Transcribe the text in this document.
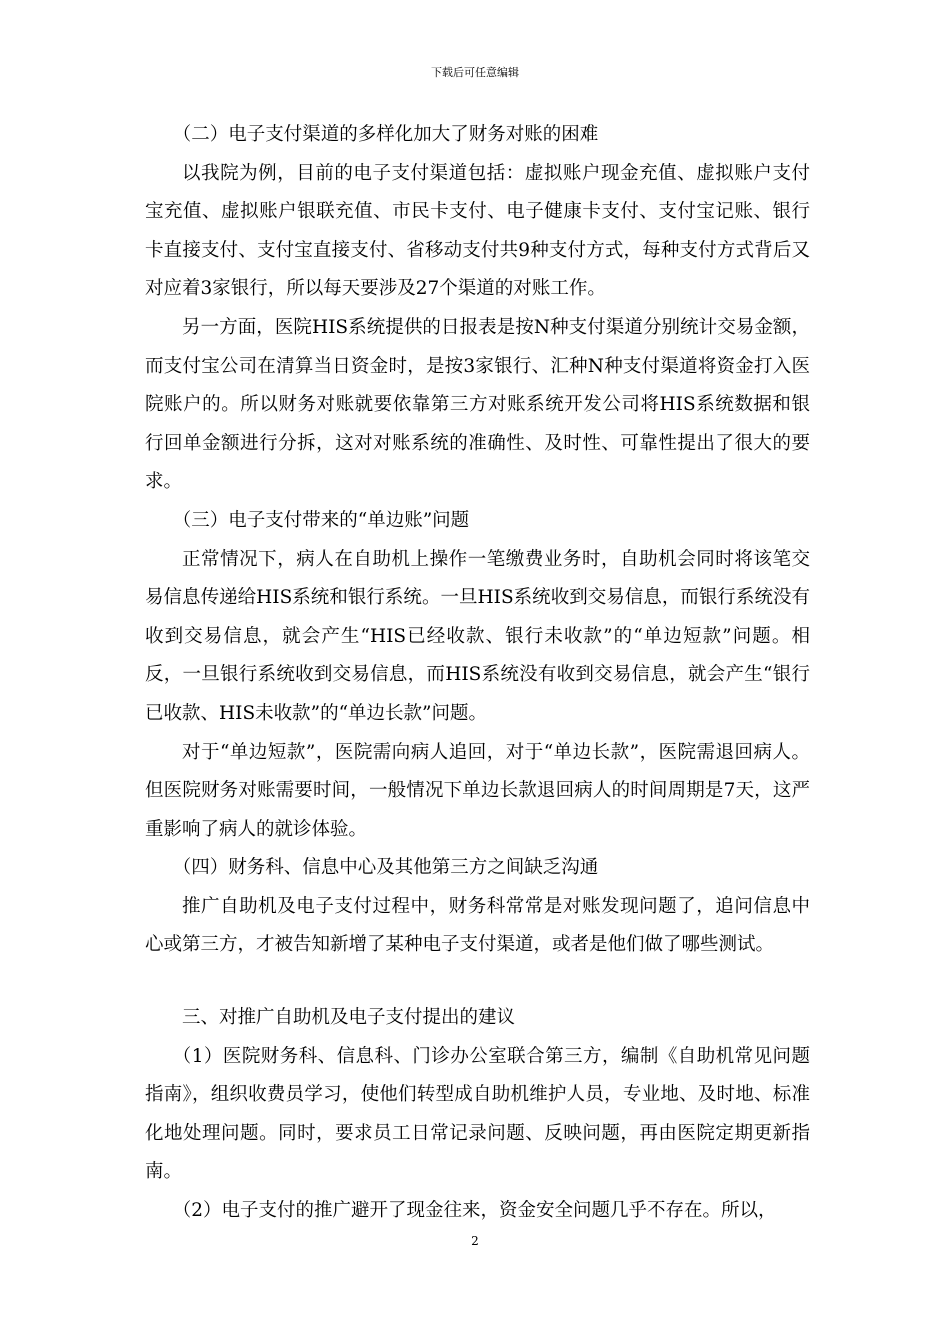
下载后可任意编辑

（二）电子支付渠道的多样化加大了财务对账的困难

以我院为例，目前的电子支付渠道包括：虚拟账户现金充值、虚拟账户支付宝充值、虚拟账户银联充值、市民卡支付、电子健康卡支付、支付宝记账、银行卡直接支付、支付宝直接支付、省移动支付共9种支付方式，每种支付方式背后又对应着3家银行，所以每天要涉及27个渠道的对账工作。

另一方面，医院HIS系统提供的日报表是按N种支付渠道分别统计交易金额，而支付宝公司在清算当日资金时，是按3家银行、汇种N种支付渠道将资金打入医院账户的。所以财务对账就要依靠第三方对账系统开发公司将HIS系统数据和银行回单金额进行分拆，这对对账系统的准确性、及时性、可靠性提出了很大的要求。

（三）电子支付带来的“单边账”问题

正常情况下，病人在自助机上操作一笔缴费业务时，自助机会同时将该笔交易信息传递给HIS系统和银行系统。一旦HIS系统收到交易信息，而银行系统没有收到交易信息，就会产生“HIS已经收款、银行未收款”的“单边短款”问题。相反，一旦银行系统收到交易信息，而HIS系统没有收到交易信息，就会产生“银行已收款、HIS未收款”的“单边长款”问题。

对于“单边短款”，医院需向病人追回，对于“单边长款”，医院需退回病人。但医院财务对账需要时间，一般情况下单边长款退回病人的时间周期是7天，这严重影响了病人的就诊体验。

（四）财务科、信息中心及其他第三方之间缺乏沟通

推广自助机及电子支付过程中，财务科常常是对账发现问题了，追问信息中心或第三方，才被告知新增了某种电子支付渠道，或者是他们做了哪些测试。

三、对推广自助机及电子支付提出的建议

（1）医院财务科、信息科、门诊办公室联合第三方，编制《自助机常见问题指南》，组织收费员学习，使他们转型成自助机维护人员，专业地、及时地、标准化地处理问题。同时，要求员工日常记录问题、反映问题，再由医院定期更新指南。

（2）电子支付的推广避开了现金往来，资金安全问题几乎不存在。所以，

2
